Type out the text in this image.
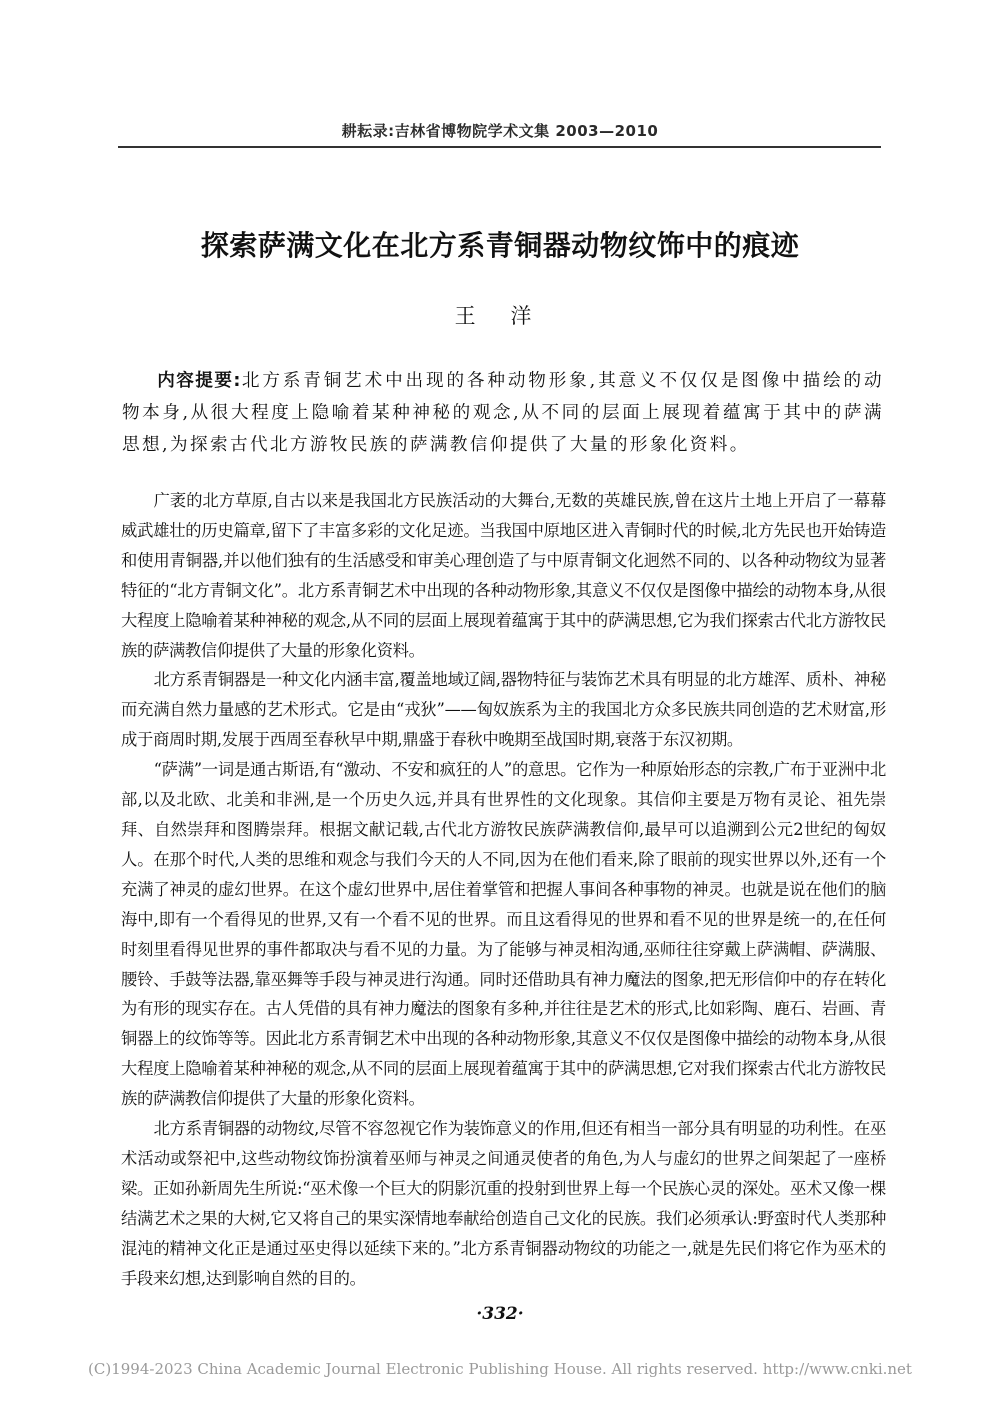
耕耘录:吉林省博物院学术文集 2003—2010
探索萨满文化在北方系青铜器动物纹饰中的痕迹
王 洋

内容提要:北方系青铜艺术中出现的各种动物形象,其意义不仅仅是图像中描绘的动物本身,从很大程度上隐喻着某种神秘的观念,从不同的层面上展现着蕴寓于其中的萨满思想,为探索古代北方游牧民族的萨满教信仰提供了大量的形象化资料。

广袤的北方草原,自古以来是我国北方民族活动的大舞台,无数的英雄民族,曾在这片土地上开启了一幕幕威武雄壮的历史篇章,留下了丰富多彩的文化足迹。当我国中原地区进入青铜时代的时候,北方先民也开始铸造和使用青铜器,并以他们独有的生活感受和审美心理创造了与中原青铜文化迥然不同的、以各种动物纹为显著特征的“北方青铜文化”。北方系青铜艺术中出现的各种动物形象,其意义不仅仅是图像中描绘的动物本身,从很大程度上隐喻着某种神秘的观念,从不同的层面上展现着蕴寓于其中的萨满思想,它为我们探索古代北方游牧民族的萨满教信仰提供了大量的形象化资料。

北方系青铜器是一种文化内涵丰富,覆盖地域辽阔,器物特征与装饰艺术具有明显的北方雄浑、质朴、神秘而充满自然力量感的艺术形式。它是由“戎狄”——匈奴族系为主的我国北方众多民族共同创造的艺术财富,形成于商周时期,发展于西周至春秋早中期,鼎盛于春秋中晚期至战国时期,衰落于东汉初期。

“萨满”一词是通古斯语,有“激动、不安和疯狂的人”的意思。它作为一种原始形态的宗教,广布于亚洲中北部,以及北欧、北美和非洲,是一个历史久远,并具有世界性的文化现象。其信仰主要是万物有灵论、祖先崇拜、自然崇拜和图腾崇拜。根据文献记载,古代北方游牧民族萨满教信仰,最早可以追溯到公元2世纪的匈奴人。在那个时代,人类的思维和观念与我们今天的人不同,因为在他们看来,除了眼前的现实世界以外,还有一个充满了神灵的虚幻世界。在这个虚幻世界中,居住着掌管和把握人事间各种事物的神灵。也就是说在他们的脑海中,即有一个看得见的世界,又有一个看不见的世界。而且这看得见的世界和看不见的世界是统一的,在任何时刻里看得见世界的事件都取决与看不见的力量。为了能够与神灵相沟通,巫师往往穿戴上萨满帽、萨满服、腰铃、手鼓等法器,靠巫舞等手段与神灵进行沟通。同时还借助具有神力魔法的图象,把无形信仰中的存在转化为有形的现实存在。古人凭借的具有神力魔法的图象有多种,并往往是艺术的形式,比如彩陶、鹿石、岩画、青铜器上的纹饰等等。因此北方系青铜艺术中出现的各种动物形象,其意义不仅仅是图像中描绘的动物本身,从很大程度上隐喻着某种神秘的观念,从不同的层面上展现着蕴寓于其中的萨满思想,它对我们探索古代北方游牧民族的萨满教信仰提供了大量的形象化资料。

北方系青铜器的动物纹,尽管不容忽视它作为装饰意义的作用,但还有相当一部分具有明显的功利性。在巫术活动或祭祀中,这些动物纹饰扮演着巫师与神灵之间通灵使者的角色,为人与虚幻的世界之间架起了一座桥梁。正如孙新周先生所说:“巫术像一个巨大的阴影沉重的投射到世界上每一个民族心灵的深处。巫术又像一棵结满艺术之果的大树,它又将自己的果实深情地奉献给创造自己文化的民族。我们必须承认:野蛮时代人类那种混沌的精神文化正是通过巫史得以延续下来的。”北方系青铜器动物纹的功能之一,就是先民们将它作为巫术的手段来幻想,达到影响自然的目的。

·332·
(C)1994-2023 China Academic Journal Electronic Publishing House. All rights reserved. http://www.cnki.net
